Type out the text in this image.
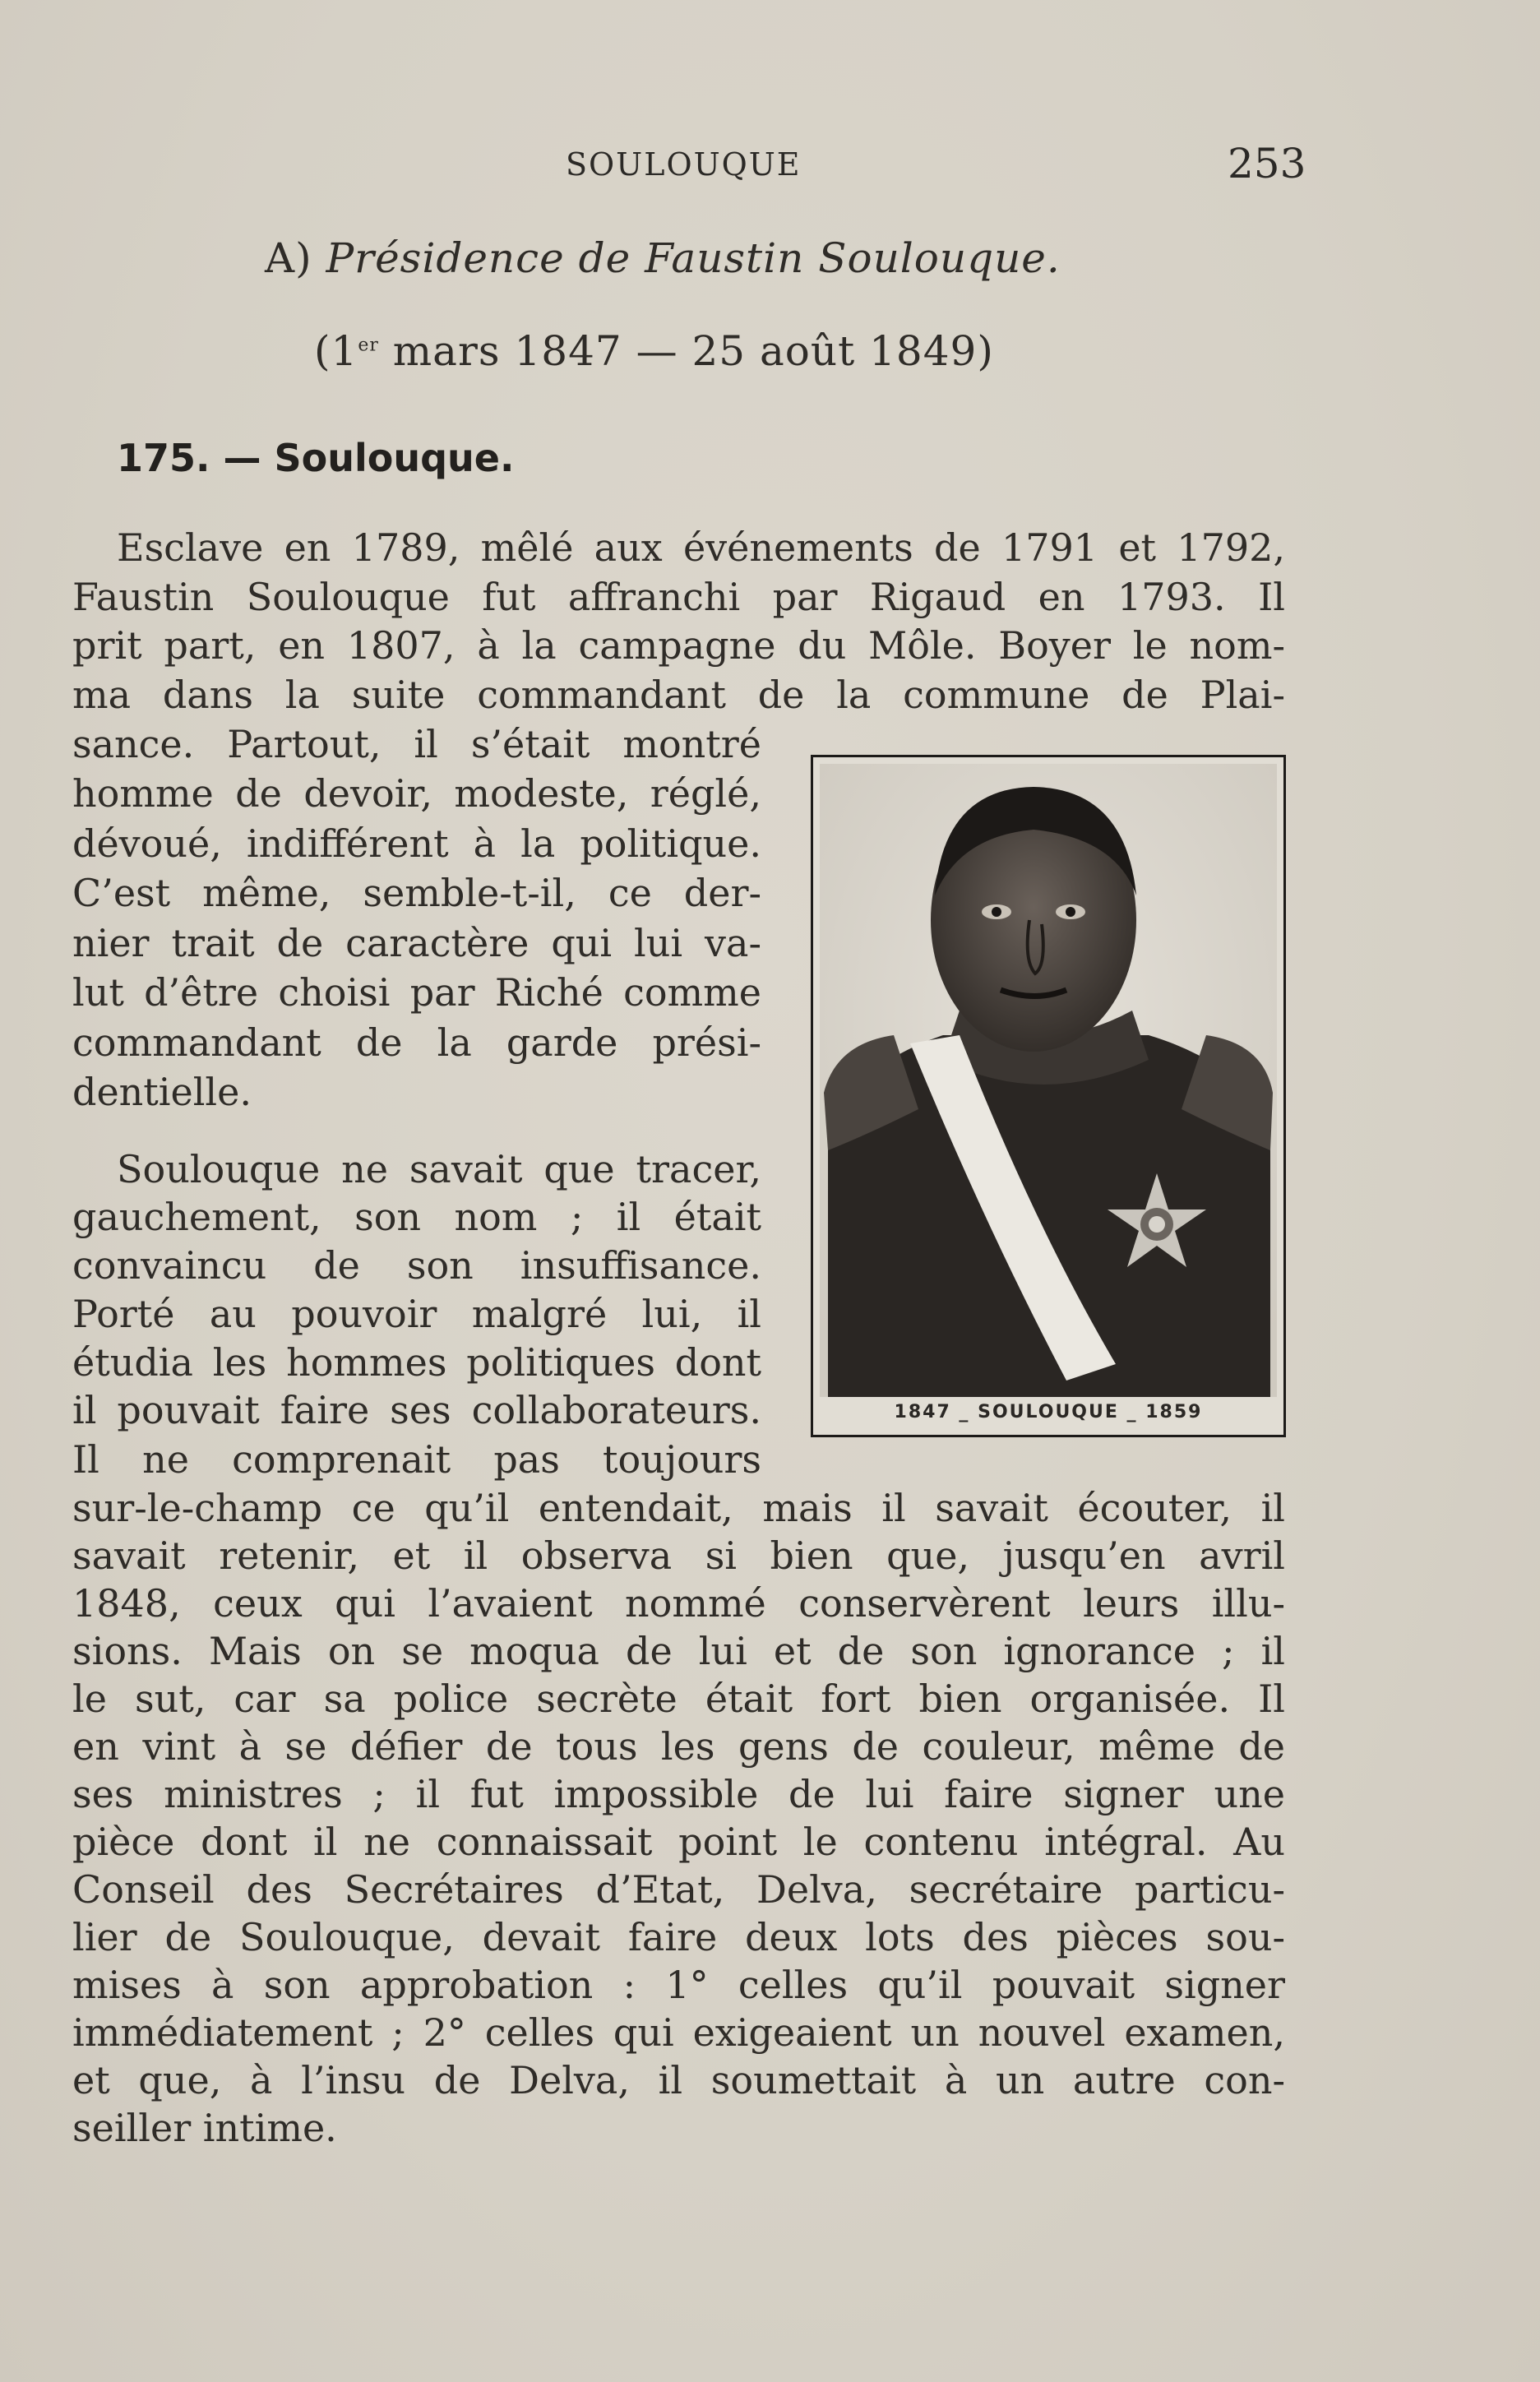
SOULOUQUE	253
A) Présidence de Faustin Soulouque.
(1er mars 1847 — 25 août 1849)
175. — Soulouque.
Esclave en 1789, mêlé aux événements de 1791 et 1792,
Faustin Soulouque fut affranchi par Rigaud en 1793. Il
prit part, en 1807, à la campagne du Môle. Boyer le nom-
ma dans la suite commandant de la commune de Plai-
sance. Partout, il s’était montré
homme de devoir, modeste, réglé,
dévoué, indifférent à la politique.
C’est même, semble-t-il, ce der-
nier trait de caractère qui lui va-
lut d’être choisi par Riché comme
commandant de la garde prési-
dentielle.
Soulouque ne savait que tracer,
gauchement, son nom ; il était
convaincu de son insuffisance.
Porté au pouvoir malgré lui, il
étudia les hommes politiques dont
il pouvait faire ses collaborateurs.
Il ne comprenait pas toujours
sur-le-champ ce qu’il entendait, mais il savait écouter, il
savait retenir, et il observa si bien que, jusqu’en avril
1848, ceux qui l’avaient nommé conservèrent leurs illu-
sions. Mais on se moqua de lui et de son ignorance ; il
le sut, car sa police secrète était fort bien organisée. Il
en vint à se défier de tous les gens de couleur, même de
ses ministres ; il fut impossible de lui faire signer une
pièce dont il ne connaissait point le contenu intégral. Au
Conseil des Secrétaires d’Etat, Delva, secrétaire particu-
lier de Soulouque, devait faire deux lots des pièces sou-
mises à son approbation : 1° celles qu’il pouvait signer
immédiatement ; 2° celles qui exigeaient un nouvel examen,
et que, à l’insu de Delva, il soumettait à un autre con-
seiller intime.
1847 _ SOULOUQUE _ 1859
